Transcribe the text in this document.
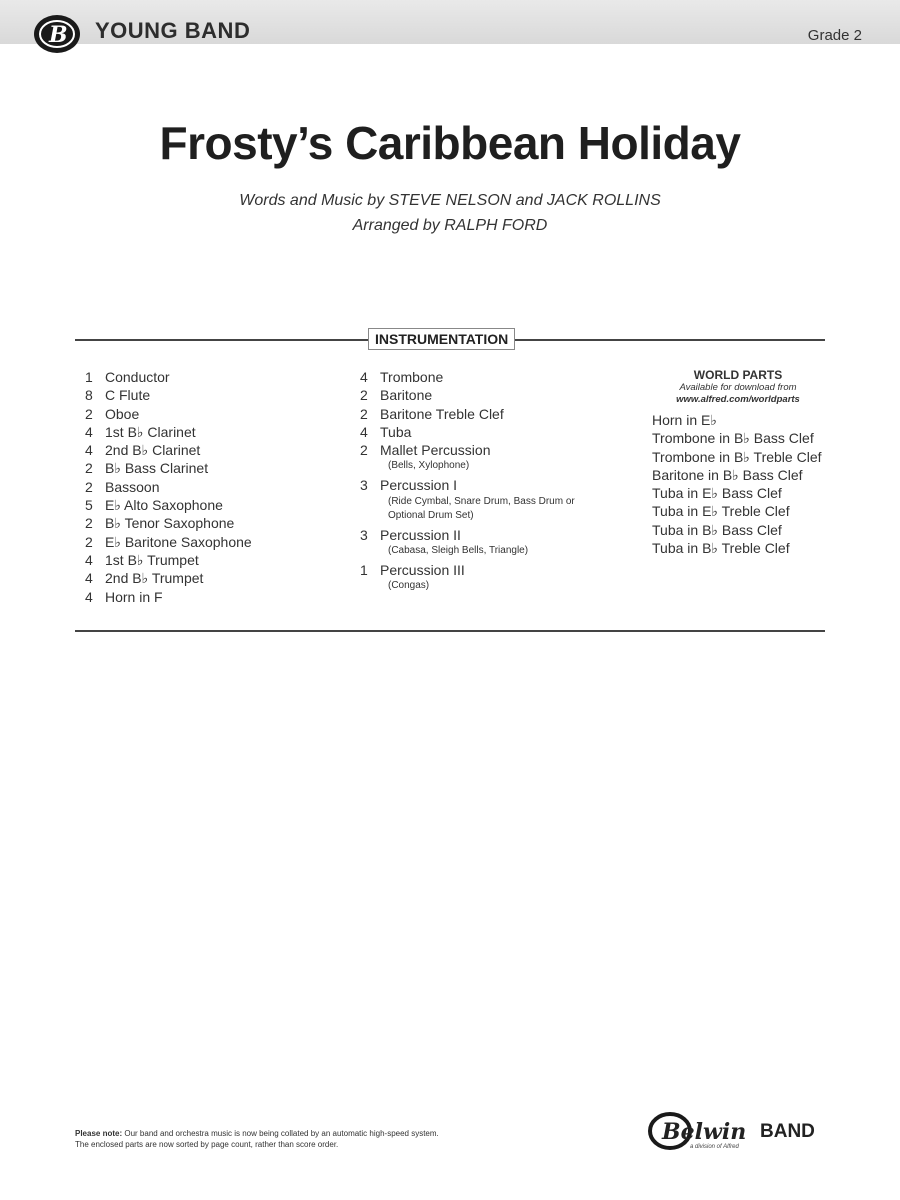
B YOUNG BAND	Grade 2
Frosty’s Caribbean Holiday
Words and Music by STEVE NELSON and JACK ROLLINS
Arranged by RALPH FORD
INSTRUMENTATION
1 Conductor
8 C Flute
2 Oboe
4 1st B♭ Clarinet
4 2nd B♭ Clarinet
2 B♭ Bass Clarinet
2 Bassoon
5 E♭ Alto Saxophone
2 B♭ Tenor Saxophone
2 E♭ Baritone Saxophone
4 1st B♭ Trumpet
4 2nd B♭ Trumpet
4 Horn in F
4 Trombone
2 Baritone
2 Baritone Treble Clef
4 Tuba
2 Mallet Percussion
(Bells, Xylophone)
3 Percussion I
(Ride Cymbal, Snare Drum, Bass Drum or Optional Drum Set)
3 Percussion II
(Cabasa, Sleigh Bells, Triangle)
1 Percussion III
(Congas)
WORLD PARTS
Available for download from
www.alfred.com/worldparts
Horn in E♭
Trombone in B♭ Bass Clef
Trombone in B♭ Treble Clef
Baritone in B♭ Bass Clef
Tuba in E♭ Bass Clef
Tuba in E♭ Treble Clef
Tuba in B♭ Bass Clef
Tuba in B♭ Treble Clef
Please note: Our band and orchestra music is now being collated by an automatic high-speed system.
The enclosed parts are now sorted by page count, rather than score order.	Belwin BAND
a division of Alfred
